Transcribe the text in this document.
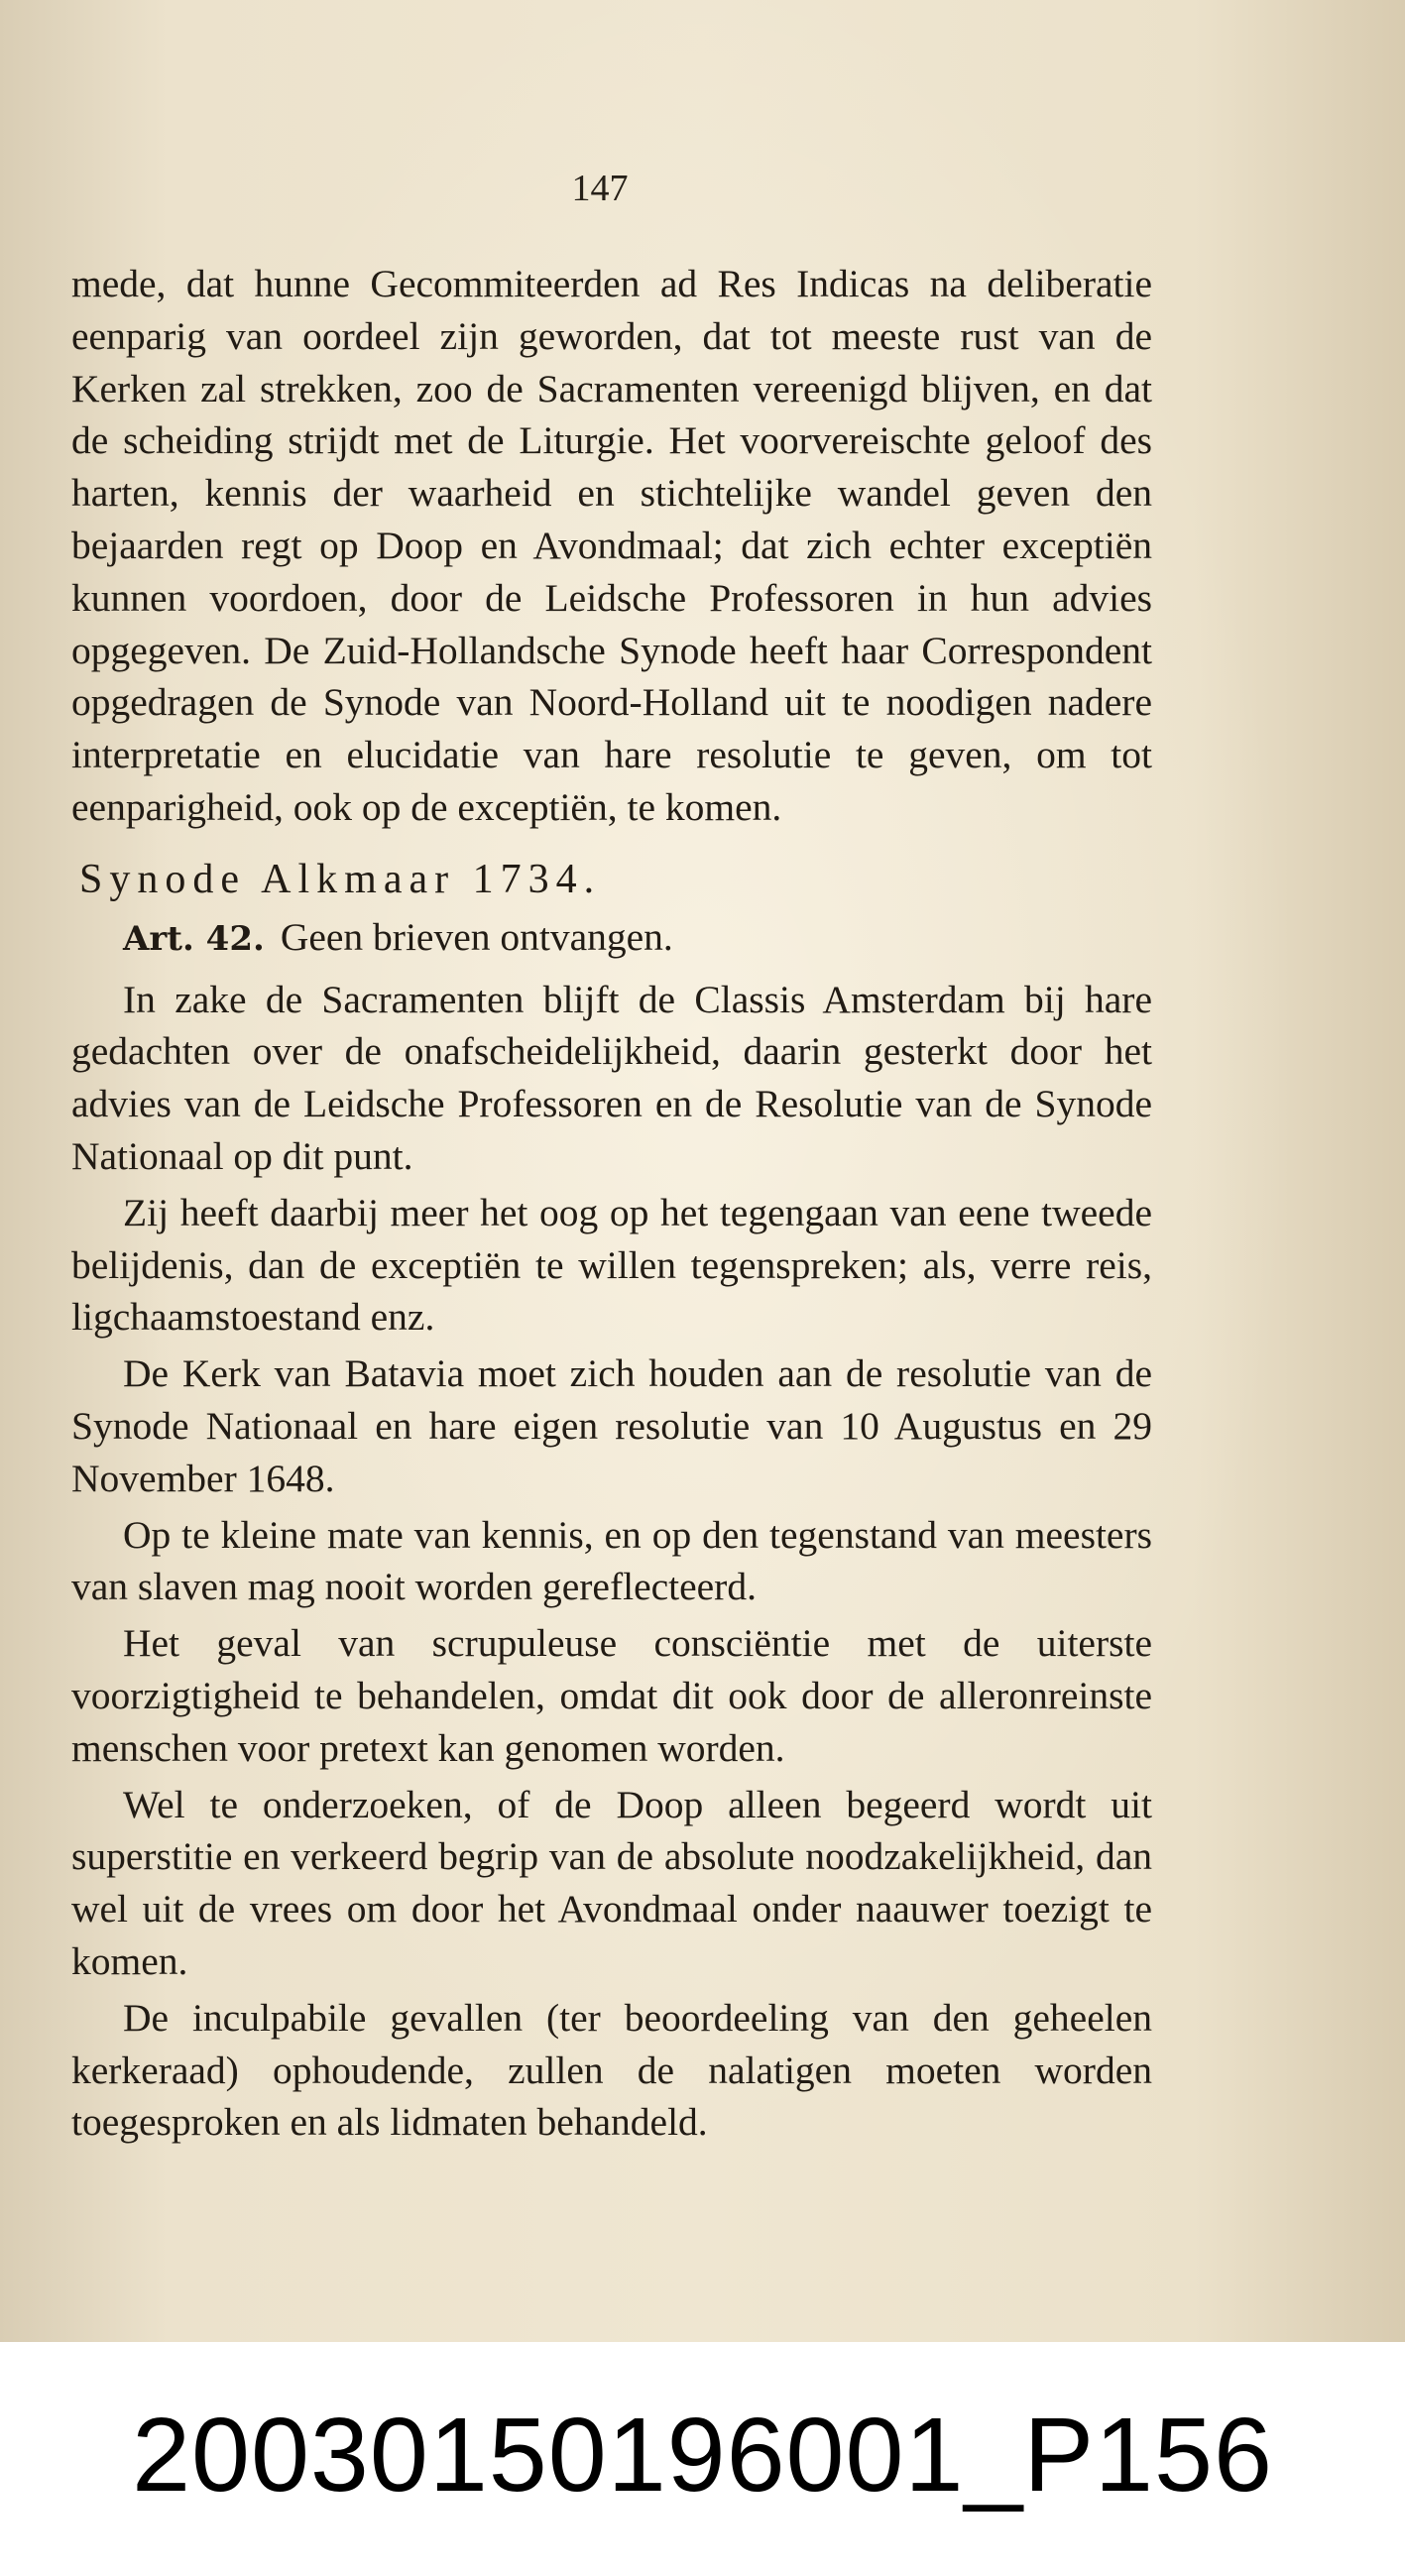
147

mede, dat hunne Gecommiteerden ad Res Indicas na deliberatie eenparig van oordeel zijn geworden, dat tot meeste rust van de Kerken zal strekken, zoo de Sacramenten vereenigd blijven, en dat de scheiding strijdt met de Liturgie. Het voorvereischte geloof des harten, kennis der waarheid en stichtelijke wandel geven den bejaarden regt op Doop en Avondmaal; dat zich echter exceptiën kunnen voordoen, door de Leidsche Professoren in hun advies opgegeven. De Zuid-Hollandsche Synode heeft haar Correspondent opgedragen de Synode van Noord-Holland uit te noodigen nadere interpretatie en elucidatie van hare resolutie te geven, om tot eenparigheid, ook op de exceptiën, te komen.

Synode Alkmaar 1734.
Art. 42. Geen brieven ontvangen.

In zake de Sacramenten blijft de Classis Amsterdam bij hare gedachten over de onafscheidelijkheid, daarin gesterkt door het advies van de Leidsche Professoren en de Resolutie van de Synode Nationaal op dit punt.

Zij heeft daarbij meer het oog op het tegengaan van eene tweede belijdenis, dan de exceptiën te willen tegenspreken; als, verre reis, ligchaamstoestand enz.

De Kerk van Batavia moet zich houden aan de resolutie van de Synode Nationaal en hare eigen resolutie van 10 Augustus en 29 November 1648.

Op te kleine mate van kennis, en op den tegenstand van meesters van slaven mag nooit worden gereflecteerd.

Het geval van scrupuleuse consciëntie met de uiterste voorzigtigheid te behandelen, omdat dit ook door de alleronreinste menschen voor pretext kan genomen worden.

Wel te onderzoeken, of de Doop alleen begeerd wordt uit superstitie en verkeerd begrip van de absolute noodzakelijkheid, dan wel uit de vrees om door het Avondmaal onder naauwer toezigt te komen.

De inculpabile gevallen (ter beoordeeling van den geheelen kerkeraad) ophoudende, zullen de nalatigen moeten worden toegesproken en als lidmaten behandeld.

20030150196001_P156
